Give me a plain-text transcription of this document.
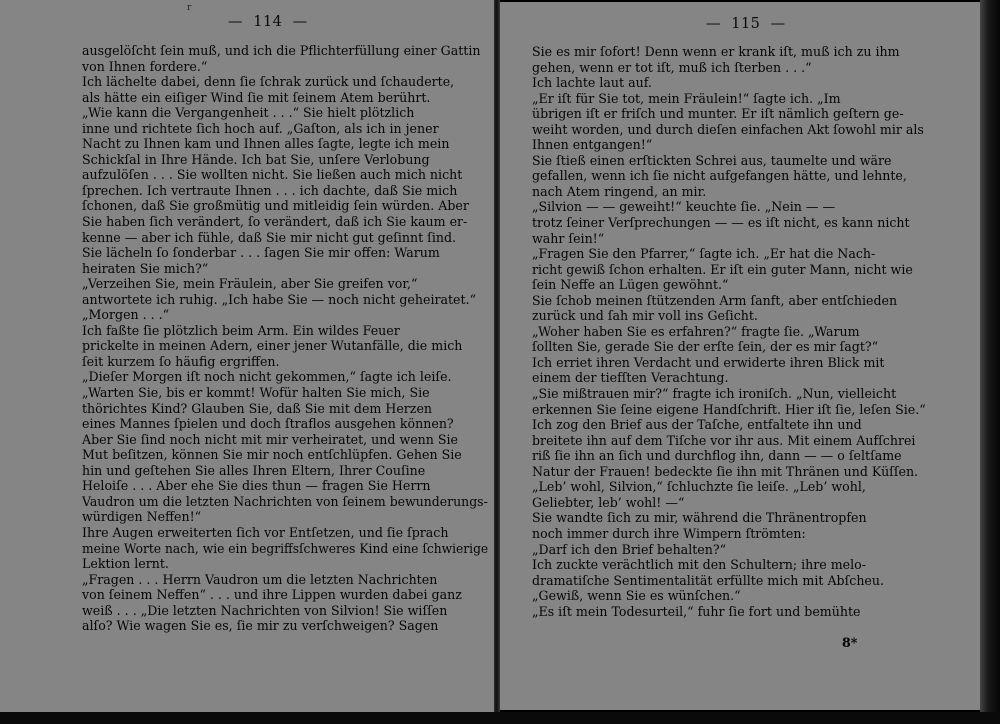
r
—  114  —
ausgelöſcht ſein muß, und ich die Pflichterfüllung einer Gattin
von Ihnen fordere.“
Ich lächelte dabei, denn ſie ſchrak zurück und ſchauderte,
als hätte ein eiſiger Wind ſie mit ſeinem Atem berührt.
„Wie kann die Vergangenheit . . .“ Sie hielt plötzlich
inne und richtete ſich hoch auf. „Gaſton, als ich in jener
Nacht zu Ihnen kam und Ihnen alles ſagte, legte ich mein
Schickſal in Ihre Hände. Ich bat Sie, unſere Verlobung
aufzulöſen . . . Sie wollten nicht. Sie ließen auch mich nicht
ſprechen. Ich vertraute Ihnen . . . ich dachte, daß Sie mich
ſchonen, daß Sie großmütig und mitleidig ſein würden. Aber
Sie haben ſich verändert, ſo verändert, daß ich Sie kaum er-
kenne — aber ich fühle, daß Sie mir nicht gut geſinnt ſind.
Sie lächeln ſo ſonderbar . . . ſagen Sie mir offen: Warum
heiraten Sie mich?“
„Verzeihen Sie, mein Fräulein, aber Sie greifen vor,“
antwortete ich ruhig. „Ich habe Sie — noch nicht geheiratet.“
„Morgen . . .“
Ich faßte ſie plötzlich beim Arm. Ein wildes Feuer
prickelte in meinen Adern, einer jener Wutanfälle, die mich
ſeit kurzem ſo häufig ergriffen.
„Dieſer Morgen iſt noch nicht gekommen,“ ſagte ich leiſe.
„Warten Sie, bis er kommt! Wofür halten Sie mich, Sie
thörichtes Kind? Glauben Sie, daß Sie mit dem Herzen
eines Mannes ſpielen und doch ſtraflos ausgehen können?
Aber Sie ſind noch nicht mit mir verheiratet, und wenn Sie
Mut beſitzen, können Sie mir noch entſchlüpfen. Gehen Sie
hin und geſtehen Sie alles Ihren Eltern, Ihrer Couſine
Heloiſe . . . Aber ehe Sie dies thun — fragen Sie Herrn
Vaudron um die letzten Nachrichten von ſeinem bewunderungs-
würdigen Neffen!“
Ihre Augen erweiterten ſich vor Entſetzen, und ſie ſprach
meine Worte nach, wie ein begriffsſchweres Kind eine ſchwierige
Lektion lernt.
„Fragen . . . Herrn Vaudron um die letzten Nachrichten
von ſeinem Neffen“ . . . und ihre Lippen wurden dabei ganz
weiß . . . „Die letzten Nachrichten von Silvion! Sie wiſſen
alſo? Wie wagen Sie es, ſie mir zu verſchweigen? Sagen
—  115  —
Sie es mir ſofort! Denn wenn er krank iſt, muß ich zu ihm
gehen, wenn er tot iſt, muß ich ſterben . . .“
Ich lachte laut auf.
„Er iſt für Sie tot, mein Fräulein!“ ſagte ich. „Im
übrigen iſt er friſch und munter. Er iſt nämlich geſtern ge-
weiht worden, und durch dieſen einfachen Akt ſowohl mir als
Ihnen entgangen!“
Sie ſtieß einen erſtickten Schrei aus, taumelte und wäre
gefallen, wenn ich ſie nicht aufgefangen hätte, und lehnte,
nach Atem ringend, an mir.
„Silvion — — geweiht!“ keuchte ſie. „Nein — —
trotz ſeiner Verſprechungen — — es iſt nicht, es kann nicht
wahr ſein!“
„Fragen Sie den Pfarrer,“ ſagte ich. „Er hat die Nach-
richt gewiß ſchon erhalten. Er iſt ein guter Mann, nicht wie
ſein Neffe an Lügen gewöhnt.“
Sie ſchob meinen ſtützenden Arm ſanft, aber entſchieden
zurück und ſah mir voll ins Geſicht.
„Woher haben Sie es erfahren?“ fragte ſie. „Warum
ſollten Sie, gerade Sie der erſte ſein, der es mir ſagt?“
Ich erriet ihren Verdacht und erwiderte ihren Blick mit
einem der tiefſten Verachtung.
„Sie mißtrauen mir?“ fragte ich ironiſch. „Nun, vielleicht
erkennen Sie ſeine eigene Handſchrift. Hier iſt ſie, leſen Sie.“
Ich zog den Brief aus der Taſche, entfaltete ihn und
breitete ihn auf dem Tiſche vor ihr aus. Mit einem Aufſchrei
riß ſie ihn an ſich und durchflog ihn, dann — — o ſeltſame
Natur der Frauen! bedeckte ſie ihn mit Thränen und Küſſen.
„Leb’ wohl, Silvion,“ ſchluchzte ſie leiſe. „Leb’ wohl,
Geliebter, leb’ wohl! —“
Sie wandte ſich zu mir, während die Thränentropfen
noch immer durch ihre Wimpern ſtrömten:
„Darf ich den Brief behalten?“
Ich zuckte verächtlich mit den Schultern; ihre melo-
dramatiſche Sentimentalität erfüllte mich mit Abſcheu.
„Gewiß, wenn Sie es wünſchen.“
„Es iſt mein Todesurteil,“ fuhr ſie fort und bemühte
8*
